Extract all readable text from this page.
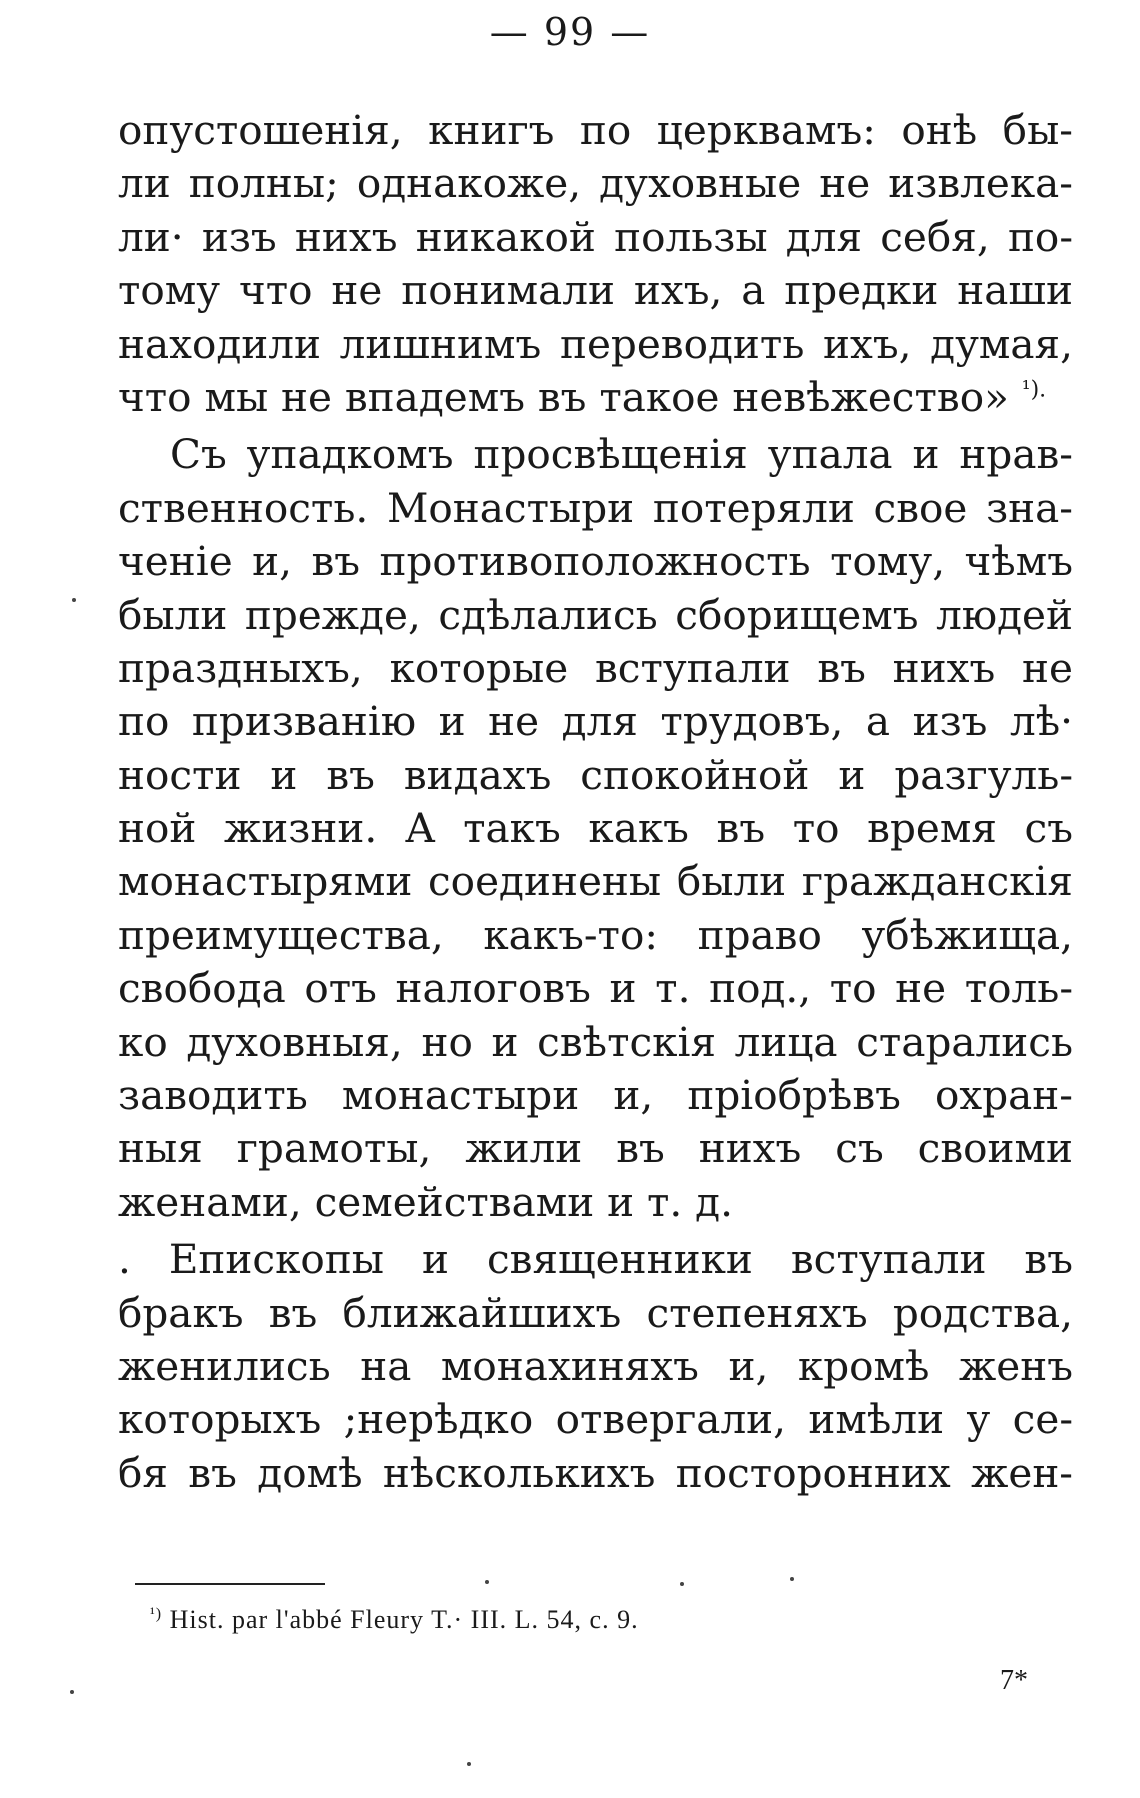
— 99 —
опустошенія, книгъ по церквамъ: онѣ бы-
ли полны; однакоже, духовные не извлека-
ли· изъ нихъ никакой пользы для себя, по-
тому что не понимали ихъ, а предки наши
находили лишнимъ переводить ихъ, думая,
что мы не впадемъ въ такое невѣжество» $^{^1).}$
Съ упадкомъ просвѣщенія упала и нрав-
ственность. Монастыри потеряли свое зна-
ченіе и, въ противоположность тому, чѣмъ
были прежде, сдѣлались сборищемъ людей
праздныхъ, которые вступали въ нихъ не
по призванію и не для трудовъ, а изъ лѣ·
ности и въ видахъ спокойной и разгуль-
ной жизни. А такъ какъ въ то время съ
монастырями соединены были гражданскія
преимущества, какъ-то: право убѣжища,
свобода отъ налоговъ и т. под., то не толь-
ко духовныя, но и свѣтскія лица старались
заводить монастыри и, пріобрѣвъ охран-
ныя грамоты, жили въ нихъ съ своими
женами, семействами и т. д.
. Епископы и священники вступали въ
бракъ въ ближайшихъ степеняхъ родства,
женились на монахиняхъ и, кромѣ женъ
которыхъ ;нерѣдко отвергали, имѣли у се-
бя въ домѣ нѣсколькихъ посторонних жен-
$^{^1)}$ Hist. par l'abbé Fleury T.· III. L. 54, c. 9.
7*
